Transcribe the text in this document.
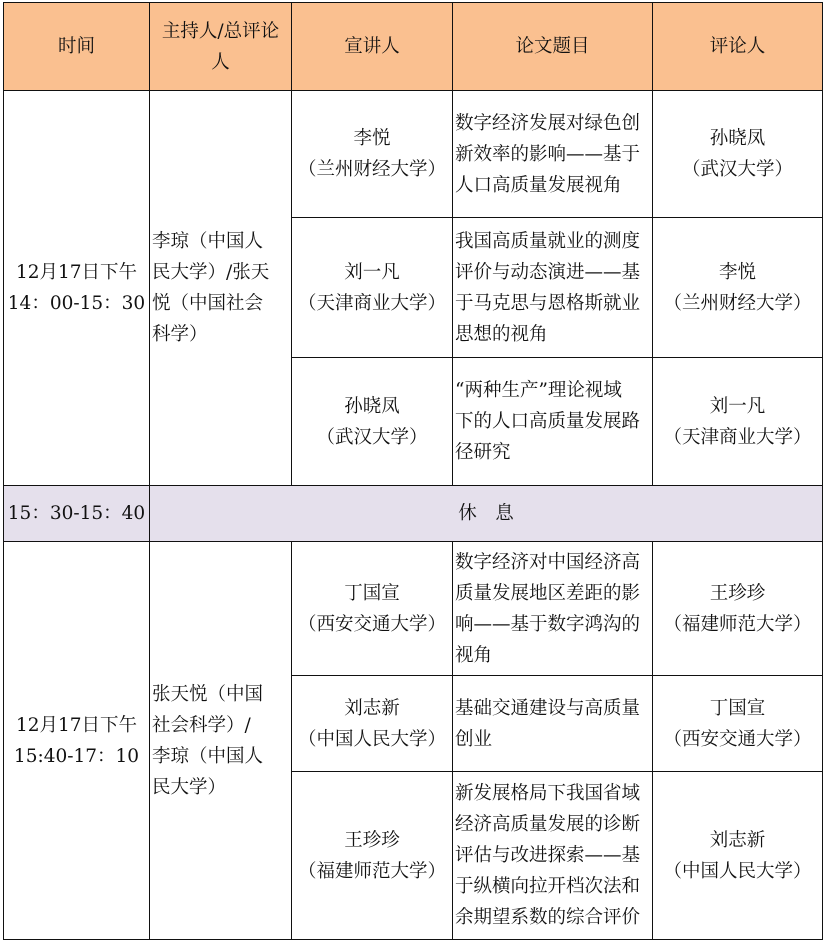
时间	主持人/总评论人	宣讲人	论文题目	评论人
12月17日下午
14：00-15：30	李琼（中国人
民大学）/张天
悦（中国社会
科学）	李悦
（兰州财经大学）	数字经济发展对绿色创
新效率的影响——基于
人口高质量发展视角	孙晓凤
（武汉大学）
		刘一凡
（天津商业大学）	我国高质量就业的测度
评价与动态演进——基
于马克思与恩格斯就业
思想的视角	李悦
（兰州财经大学）
		孙晓凤
（武汉大学）	“两种生产”理论视域
下的人口高质量发展路
径研究	刘一凡
（天津商业大学）
15：30-15：40	休　息			
12月17日下午
15:40-17：10	张天悦（中国
社会科学）/
李琼（中国人
民大学）	丁国宣
（西安交通大学）	数字经济对中国经济高
质量发展地区差距的影
响——基于数字鸿沟的
视角	王珍珍
（福建师范大学）
		刘志新
（中国人民大学）	基础交通建设与高质量
创业	丁国宣
（西安交通大学）
		王珍珍
（福建师范大学）	新发展格局下我国省域
经济高质量发展的诊断
评估与改进探索——基
于纵横向拉开档次法和
余期望系数的综合评价	刘志新
（中国人民大学）
